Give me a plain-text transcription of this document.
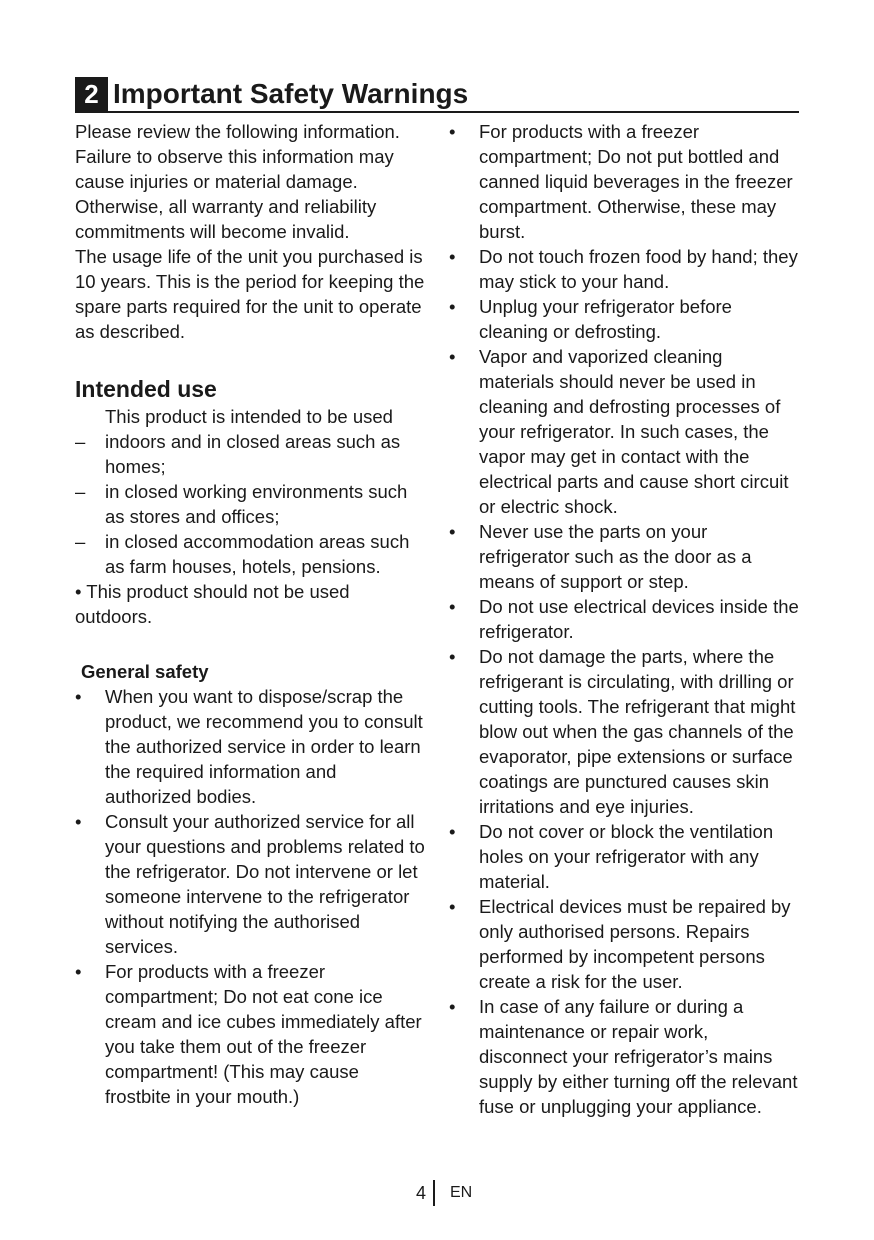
2 Important Safety Warnings

Please review the following information. Failure to observe this information may cause injuries or material damage. Otherwise, all warranty and reliability commitments will become invalid.

The usage life of the unit you purchased is 10 years. This is the period for keeping the spare parts required for the unit to operate as described.

Intended use

This product is intended to be used

–	indoors and in closed areas such as homes;
–	in closed working environments such as stores and offices;
–	in closed accommodation areas such as farm houses, hotels, pensions.

• This product should not be used outdoors.

General safety
•	When you want to dispose/scrap the product, we recommend you to consult the authorized service in order to learn the required information and authorized bodies.
•	Consult your authorized service for all your questions and problems related to the refrigerator. Do not intervene or let someone intervene to the refrigerator without notifying the authorised services.
•	For products with a freezer compartment; Do not eat cone ice cream and ice cubes immediately after you take them out of the freezer compartment! (This may cause frostbite in your mouth.)
•	For products with a freezer compartment; Do not put bottled and canned liquid beverages in the freezer compartment. Otherwise, these may burst.
•	Do not touch frozen food by hand; they may stick to your hand.
•	Unplug your refrigerator before cleaning or defrosting.
•	Vapor and vaporized cleaning materials should never be used in cleaning and defrosting processes of your refrigerator. In such cases, the vapor may get in contact with the electrical parts and cause short circuit or electric shock.
•	Never use the parts on your refrigerator such as the door as a means of support or step.
•	Do not use electrical devices inside the refrigerator.
•	Do not damage the parts, where the refrigerant is circulating, with drilling or cutting tools. The refrigerant that might blow out when the gas channels of the evaporator, pipe extensions or surface coatings are punctured causes skin irritations and eye injuries.
•	Do not cover or block the ventilation holes on your refrigerator with any material.
•	Electrical devices must be repaired by only authorised persons. Repairs performed by incompetent persons create a risk for the user.
•	In case of any failure or during a maintenance or repair work, disconnect your refrigerator’s mains supply by either turning off the relevant fuse or unplugging your appliance.
4 EN
